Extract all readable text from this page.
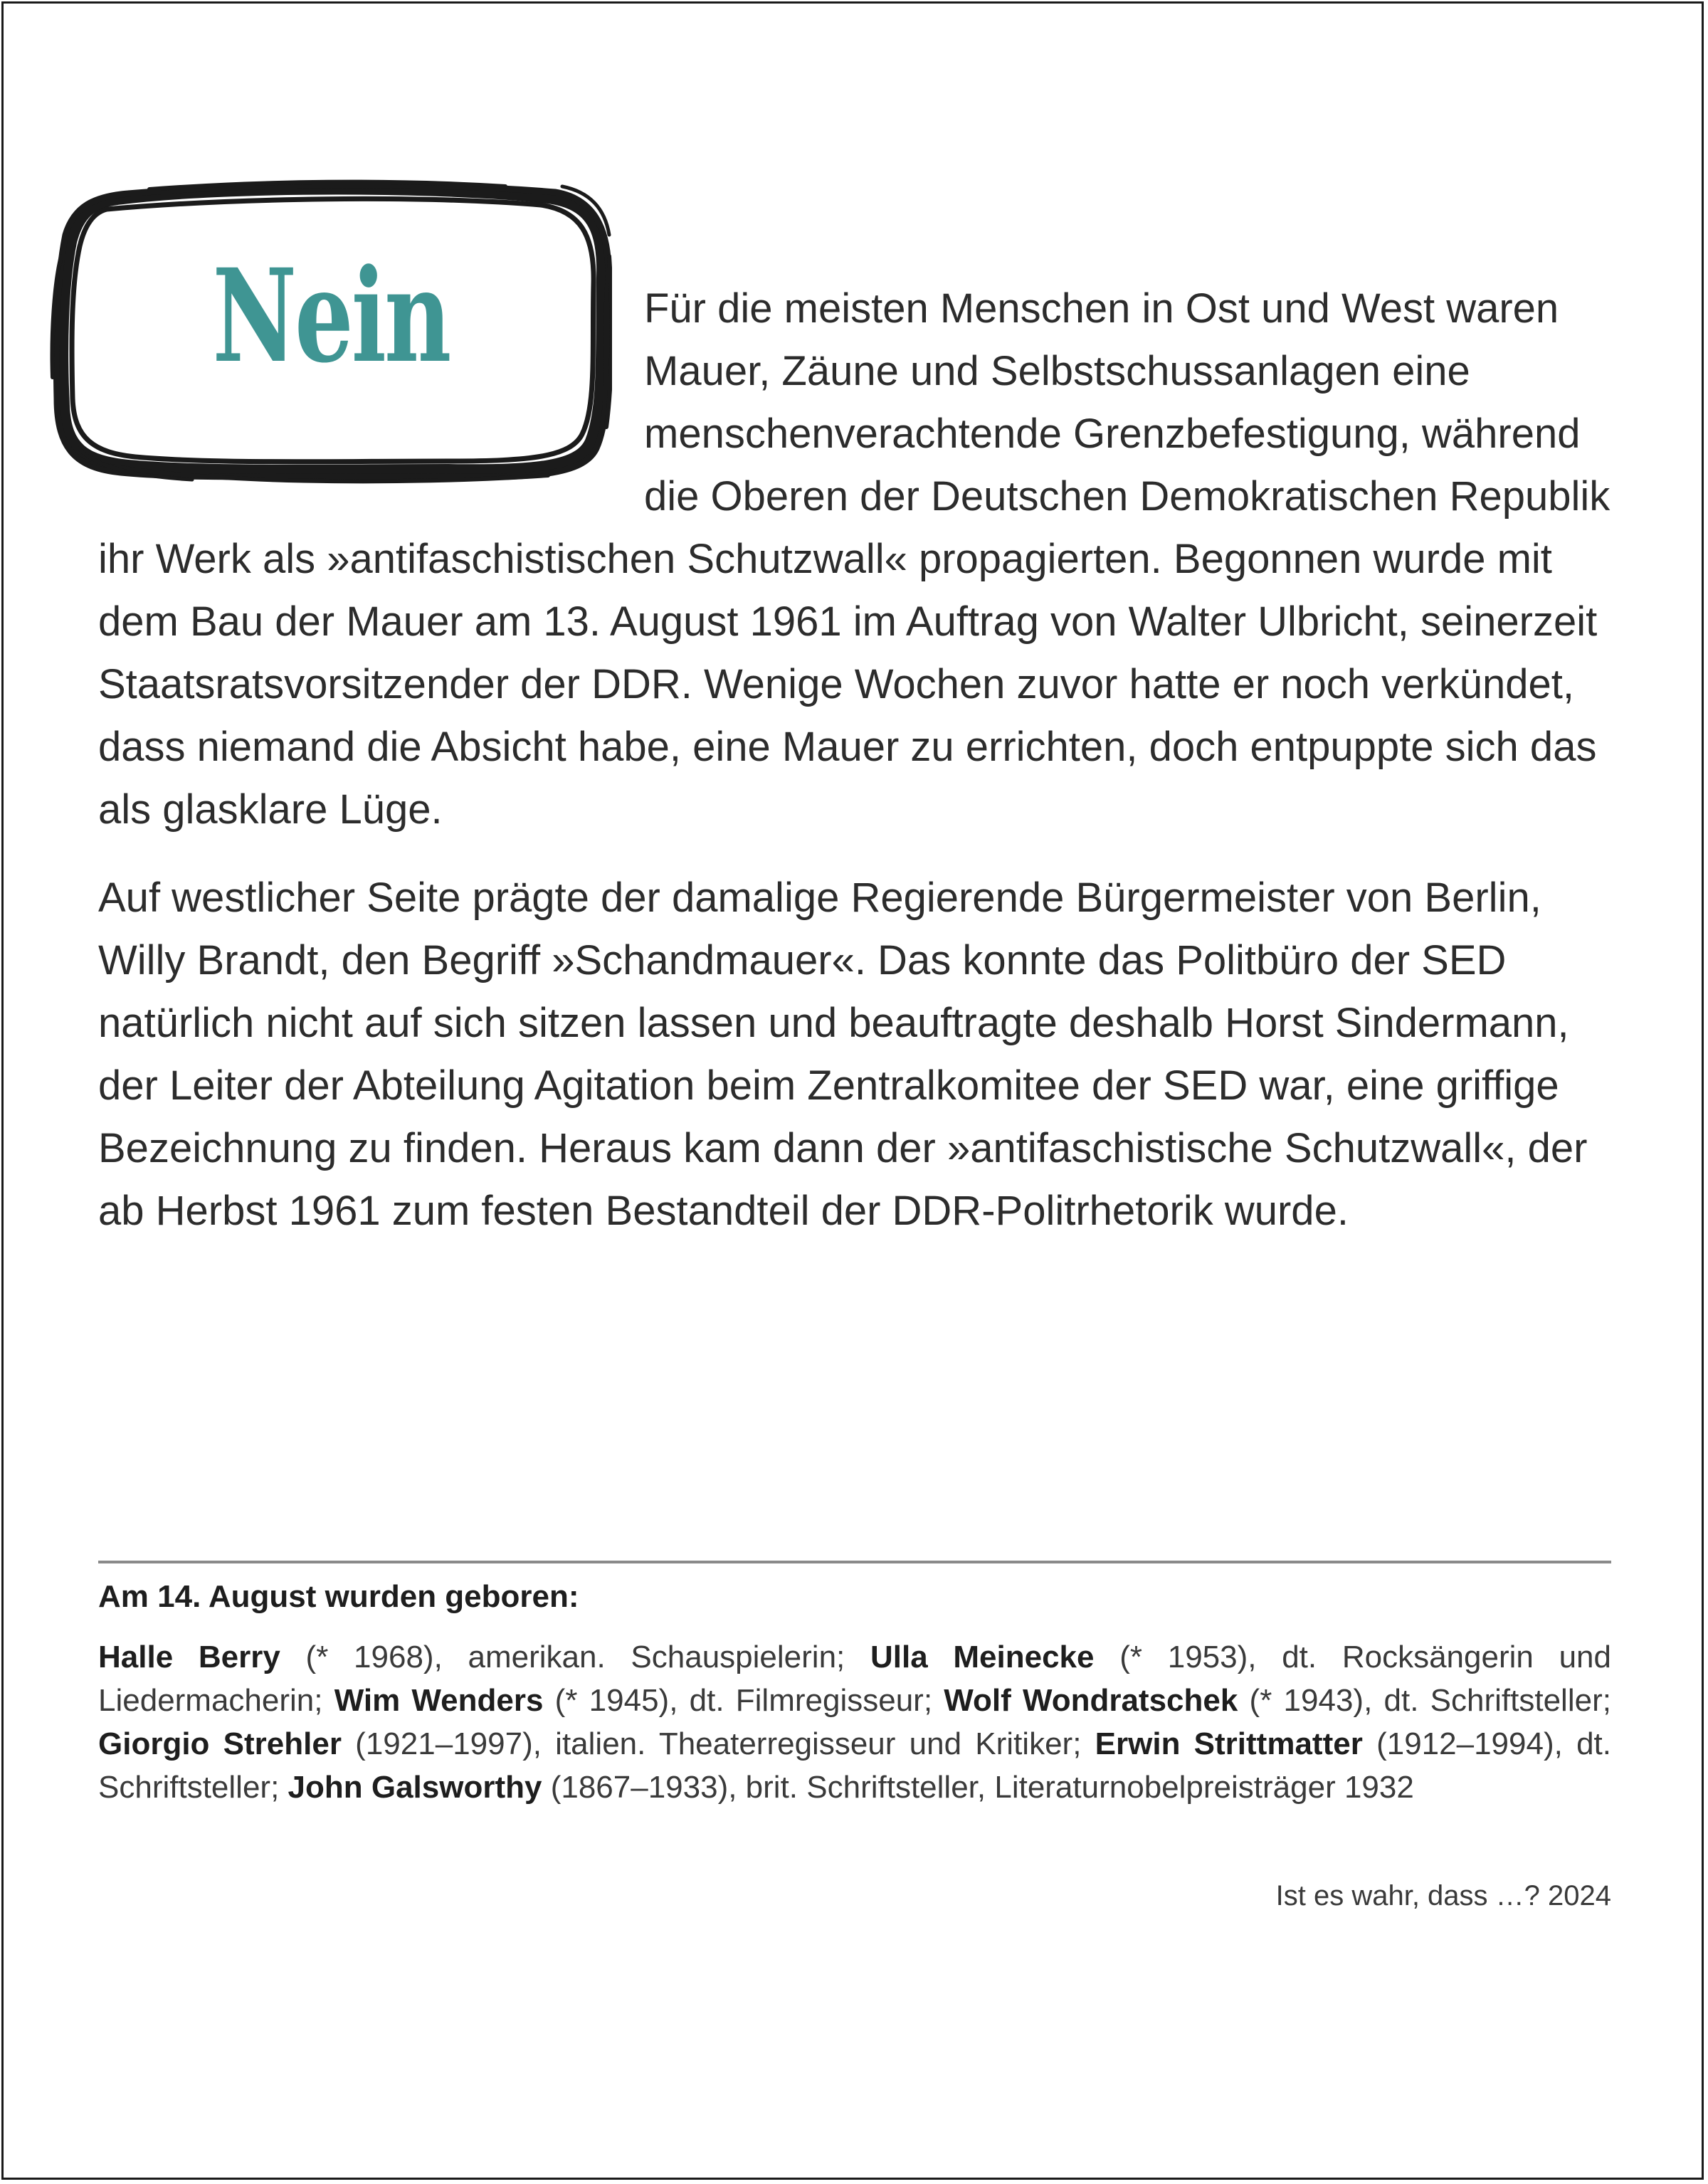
Nein	Für die meisten Menschen in Ost und West waren Mauer, Zäune und Selbstschussanlagen eine menschenverachtende Grenzbefestigung, während die Oberen der Deutschen Demokratischen Republik ihr Werk als »antifaschistischen Schutzwall« propagierten. Begonnen wurde mit dem Bau der Mauer am 13. August 1961 im Auftrag von Walter Ulbricht, seinerzeit Staatsratsvorsitzender der DDR. Wenige Wochen zuvor hatte er noch verkündet, dass niemand die Absicht habe, eine Mauer zu errichten, doch entpuppte sich das als glasklare Lüge.

Auf westlicher Seite prägte der damalige Regierende Bürgermeister von Berlin, Willy Brandt, den Begriff »Schandmauer«. Das konnte das Politbüro der SED natürlich nicht auf sich sitzen lassen und beauftragte deshalb Horst Sindermann, der Leiter der Abteilung Agitation beim Zentralkomitee der SED war, eine griffige Bezeichnung zu finden. Heraus kam dann der »antifaschistische Schutzwall«, der ab Herbst 1961 zum festen Bestandteil der DDR-Politrhetorik wurde.

Am 14. August wurden geboren:
Halle Berry (* 1968), amerikan. Schauspielerin; Ulla Meinecke (* 1953), dt. Rocksängerin und Liedermacherin; Wim Wenders (* 1945), dt. Filmregisseur; Wolf Wondratschek (* 1943), dt. Schriftsteller; Giorgio Strehler (1921–1997), italien. Theaterregisseur und Kritiker; Erwin Strittmatter (1912–1994), dt. Schriftsteller; John Galsworthy (1867–1933), brit. Schriftsteller, Literaturnobelpreisträger 1932
Ist es wahr, dass …? 2024
